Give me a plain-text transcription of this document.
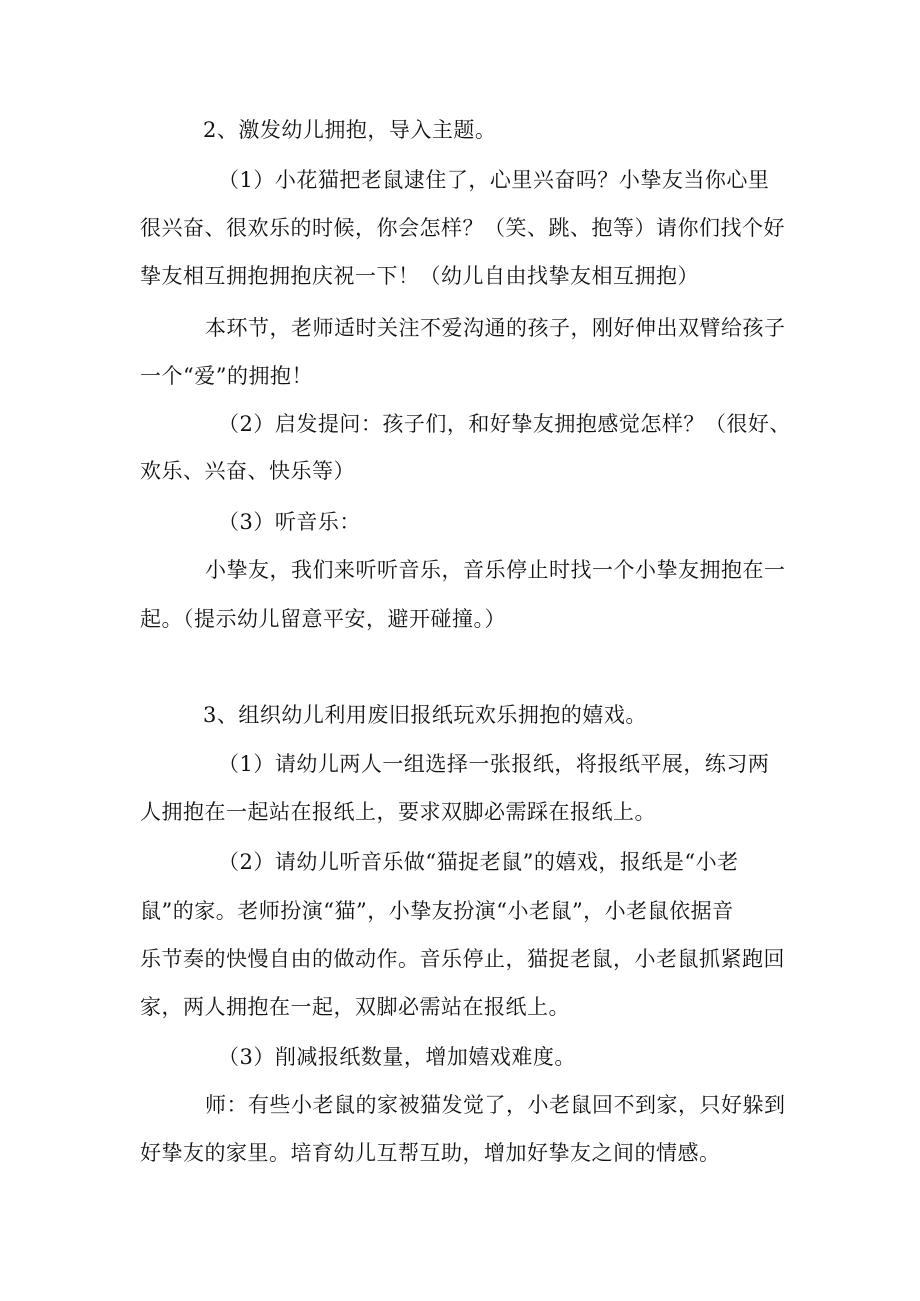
2、激发幼儿拥抱，导入主题。
（1）小花猫把老鼠逮住了，心里兴奋吗？小挚友当你心里
很兴奋、很欢乐的时候，你会怎样？（笑、跳、抱等）请你们找个好
挚友相互拥抱拥抱庆祝一下！（幼儿自由找挚友相互拥抱）
本环节，老师适时关注不爱沟通的孩子，刚好伸出双臂给孩子
一个“爱”的拥抱！
（2）启发提问：孩子们，和好挚友拥抱感觉怎样？（很好、
欢乐、兴奋、快乐等）
（3）听音乐：
小挚友，我们来听听音乐，音乐停止时找一个小挚友拥抱在一
起。（提示幼儿留意平安，避开碰撞。）
3、组织幼儿利用废旧报纸玩欢乐拥抱的嬉戏。
（1）请幼儿两人一组选择一张报纸，将报纸平展，练习两
人拥抱在一起站在报纸上，要求双脚必需踩在报纸上。
（2）请幼儿听音乐做“猫捉老鼠”的嬉戏，报纸是“小老
鼠”的家。老师扮演“猫”，小挚友扮演“小老鼠”，小老鼠依据音
乐节奏的快慢自由的做动作。音乐停止，猫捉老鼠，小老鼠抓紧跑回
家，两人拥抱在一起，双脚必需站在报纸上。
（3）削减报纸数量，增加嬉戏难度。
师：有些小老鼠的家被猫发觉了，小老鼠回不到家，只好躲到
好挚友的家里。培育幼儿互帮互助，增加好挚友之间的情感。
